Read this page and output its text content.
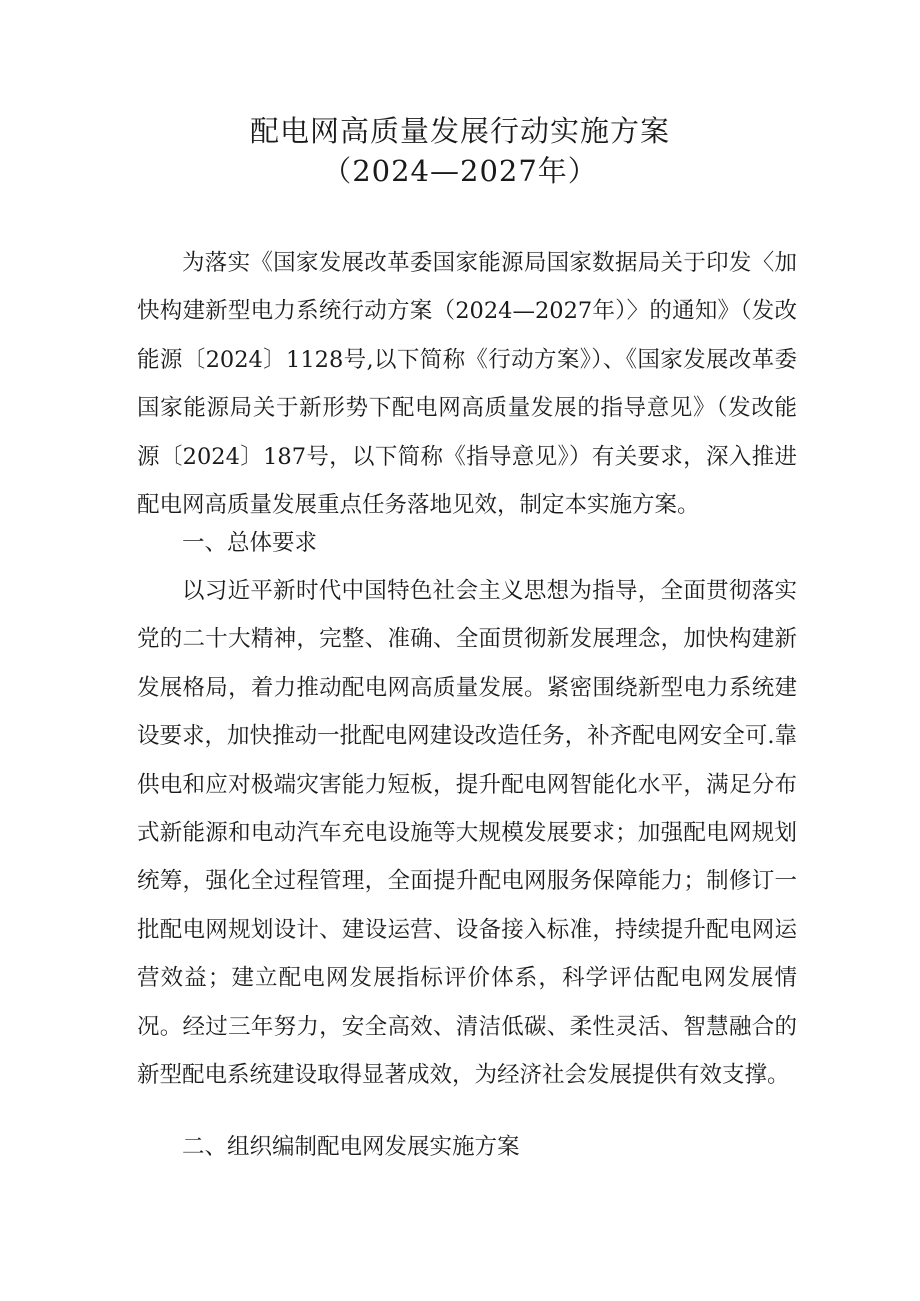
配电网高质量发展行动实施方案
（2024—2027年）

为落实《国家发展改革委国家能源局国家数据局关于印发〈加快构建新型电力系统行动方案（2024—2027年）〉的通知》（发改能源〔2024〕1128号,以下简称《行动方案》）、《国家发展改革委国家能源局关于新形势下配电网高质量发展的指导意见》（发改能源〔2024〕187号，以下简称《指导意见》）有关要求，深入推进配电网高质量发展重点任务落地见效，制定本实施方案。

一、总体要求

以习近平新时代中国特色社会主义思想为指导，全面贯彻落实党的二十大精神，完整、准确、全面贯彻新发展理念，加快构建新发展格局，着力推动配电网高质量发展。紧密围绕新型电力系统建设要求，加快推动一批配电网建设改造任务，补齐配电网安全可.靠供电和应对极端灾害能力短板，提升配电网智能化水平，满足分布式新能源和电动汽车充电设施等大规模发展要求；加强配电网规划统筹，强化全过程管理，全面提升配电网服务保障能力；制修订一批配电网规划设计、建设运营、设备接入标准，持续提升配电网运营效益；建立配电网发展指标评价体系，科学评估配电网发展情况。经过三年努力，安全高效、清洁低碳、柔性灵活、智慧融合的新型配电系统建设取得显著成效，为经济社会发展提供有效支撑。

二、组织编制配电网发展实施方案
